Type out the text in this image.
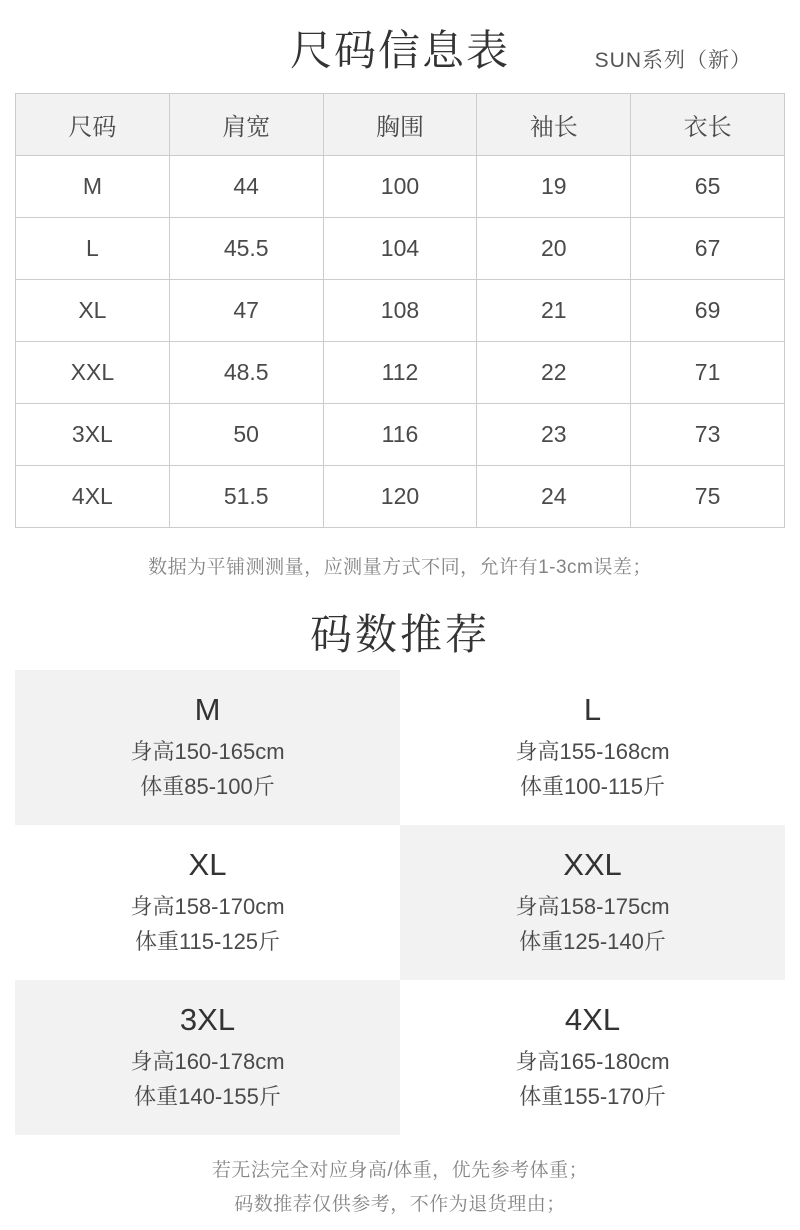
尺码信息表	SUN系列（新）
尺码	肩宽	胸围	袖长	衣长
M	44	100	19	65
L	45.5	104	20	67
XL	47	108	21	69
XXL	48.5	112	22	71
3XL	50	116	23	73
4XL	51.5	120	24	75
数据为平铺测测量，应测量方式不同，允许有1-3cm误差；
码数推荐
M
身高150-165cm
体重85-100斤
L
身高155-168cm
体重100-115斤
XL
身高158-170cm
体重115-125斤
XXL
身高158-175cm
体重125-140斤
3XL
身高160-178cm
体重140-155斤
4XL
身高165-180cm
体重155-170斤
若无法完全对应身高/体重，优先参考体重；
码数推荐仅供参考，不作为退货理由；
